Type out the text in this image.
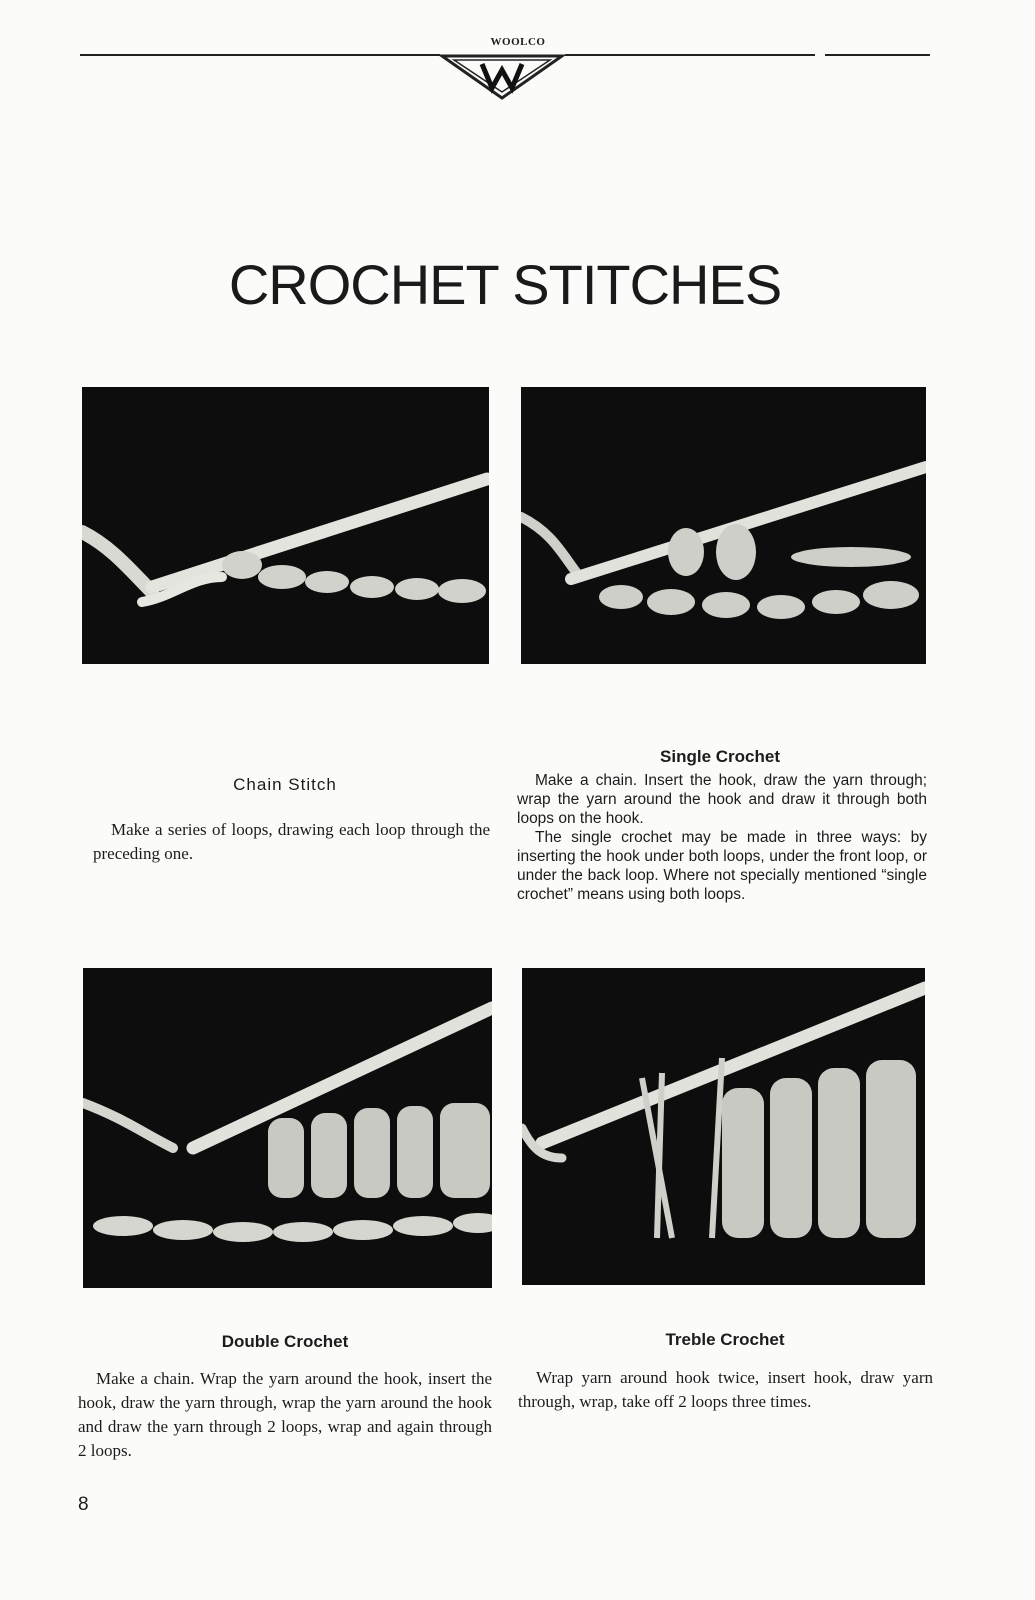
WOOLCO
CROCHET STITCHES
Chain Stitch

Make a series of loops, drawing each loop through the preceding one.

Single Crochet

Make a chain. Insert the hook, draw the yarn through; wrap the yarn around the hook and draw it through both loops on the hook.

The single crochet may be made in three ways: by inserting the hook under both loops, under the front loop, or under the back loop. Where not specially mentioned “single crochet” means using both loops.

Double Crochet

Make a chain. Wrap the yarn around the hook, insert the hook, draw the yarn through, wrap the yarn around the hook and draw the yarn through 2 loops, wrap and again through 2 loops.

Treble Crochet

Wrap yarn around hook twice, insert hook, draw yarn through, wrap, take off 2 loops three times.

8
